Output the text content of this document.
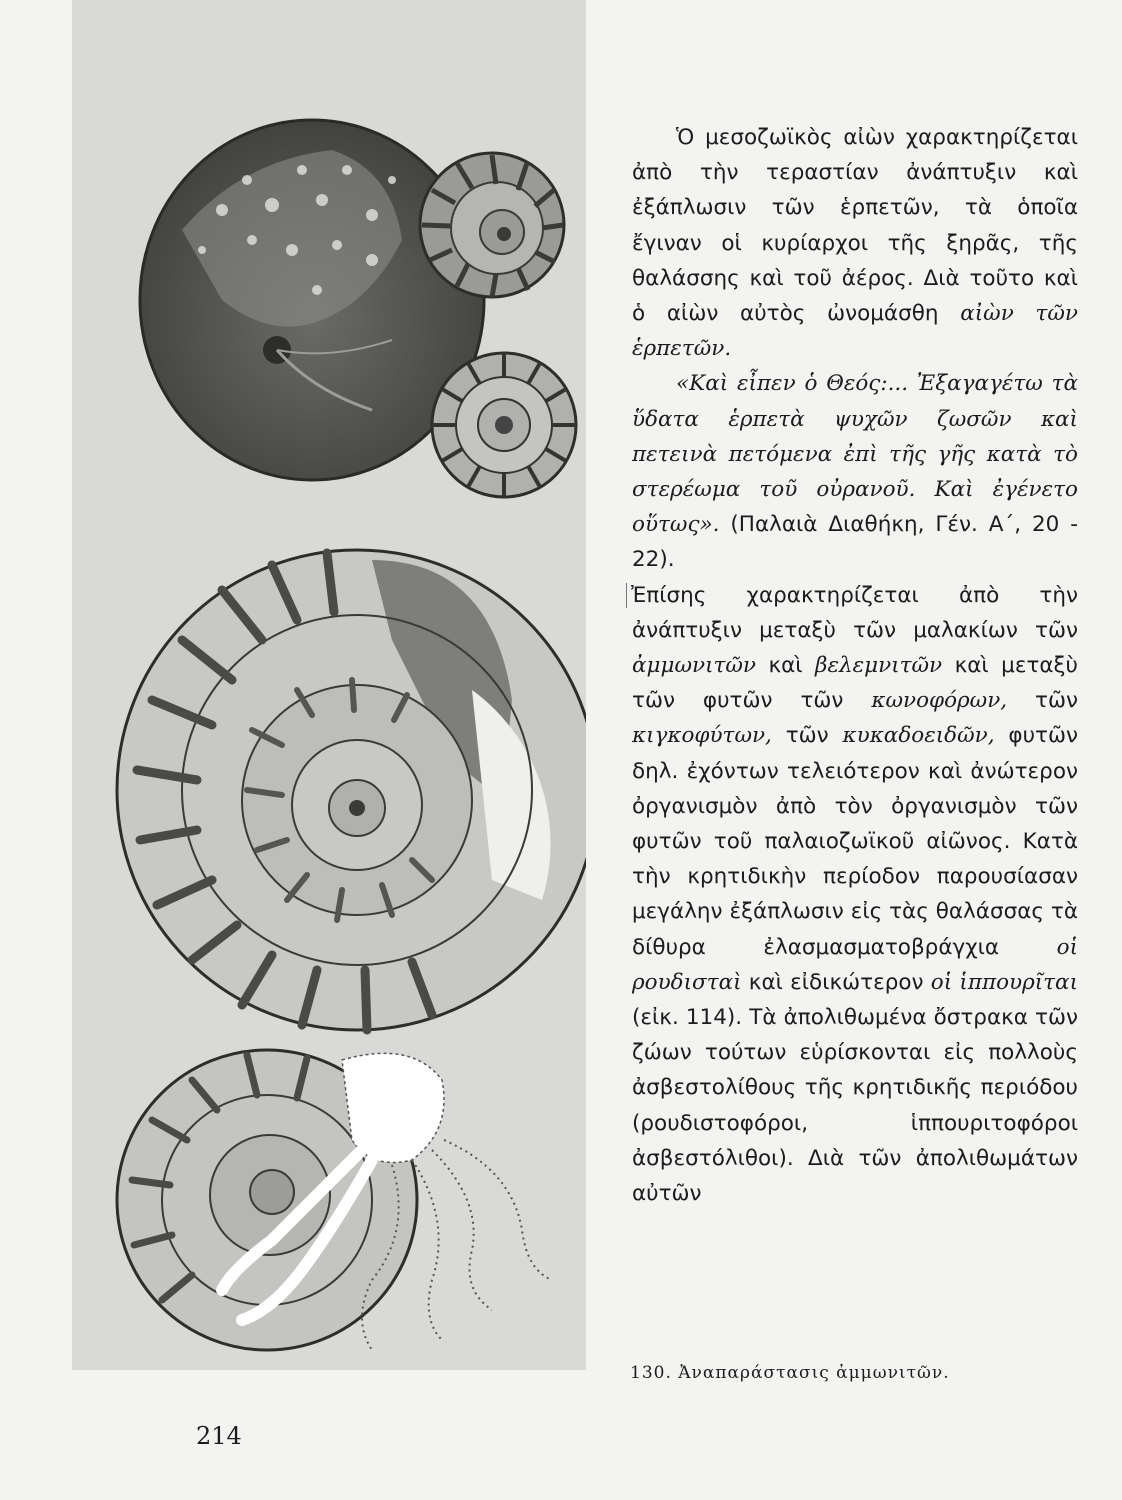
Ὁ μεσοζωϊκὸς αἰὼν χαρακτηρίζεται ἀπὸ τὴν τεραστίαν ἀνάπτυξιν καὶ ἐξάπλωσιν τῶν ἑρπετῶν, τὰ ὁποῖα ἔγιναν οἱ κυρίαρχοι τῆς ξηρᾶς, τῆς θαλάσσης καὶ τοῦ ἀέρος. Διὰ τοῦτο καὶ ὁ αἰὼν αὐτὸς ὠνομάσθη αἰὼν τῶν ἑρπετῶν.

«Καὶ εἶπεν ὁ Θεός:... Ἐξαγαγέτω τὰ ὕδατα ἑρπετὰ ψυχῶν ζωσῶν καὶ πετεινὰ πετόμενα ἐπὶ τῆς γῆς κατὰ τὸ στερέωμα τοῦ οὐρανοῦ. Καὶ ἐγένετο οὕτως». (Παλαιὰ Διαθήκη, Γέν. Α΄, 20 - 22).

Ἐπίσης χαρακτηρίζεται ἀπὸ τὴν ἀνάπτυξιν μεταξὺ τῶν μαλακίων τῶν ἀμμωνιτῶν καὶ βελεμνιτῶν καὶ μεταξὺ τῶν φυτῶν τῶν κωνοφόρων, τῶν κιγκοφύτων, τῶν κυκαδοειδῶν, φυτῶν δηλ. ἐχόντων τελειότερον καὶ ἀνώτερον ὀργανισμὸν ἀπὸ τὸν ὀργανισμὸν τῶν φυτῶν τοῦ παλαιοζωϊκοῦ αἰῶνος. Κατὰ τὴν κρητιδικὴν περίοδον παρουσίασαν μεγάλην ἐξάπλωσιν εἰς τὰς θαλάσσας τὰ δίθυρα ἐλασμασματοβράγχια οἱ ρουδισταὶ καὶ εἰδικώτερον οἱ ἱππουρῖται (εἰκ. 114). Τὰ ἀπολιθωμένα ὄστρακα τῶν ζώων τούτων εὑρίσκονται εἰς πολλοὺς ἀσβεστολίθους τῆς κρητιδικῆς περιόδου (ρουδιστοφόροι, ἱππουριτοφόροι ἀσβεστόλιθοι). Διὰ τῶν ἀπολιθωμάτων αὐτῶν

130. Ἀναπαράστασις ἀμμωνιτῶν.
214
